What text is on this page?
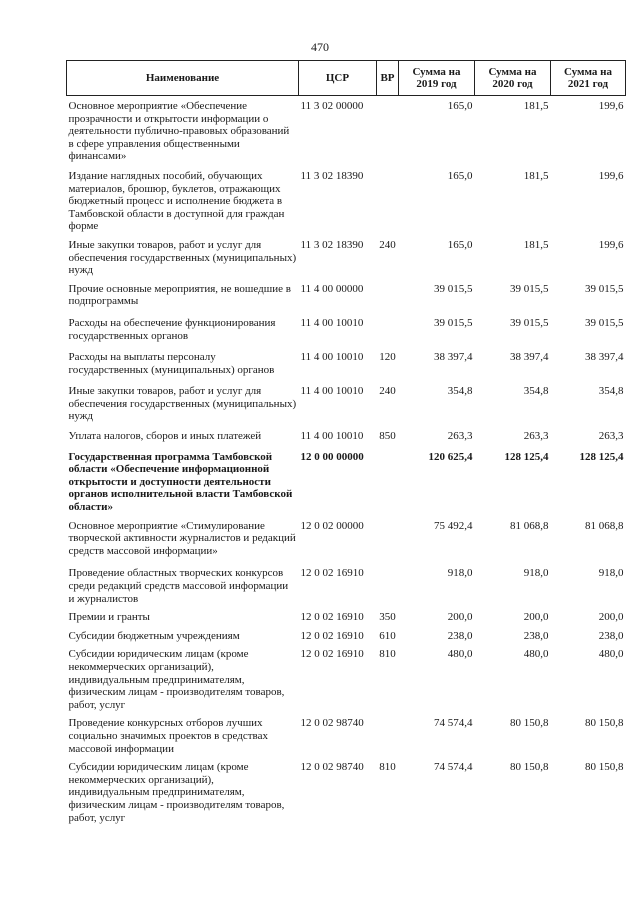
470
Наименование	ЦСР	ВР	Сумма на 2019 год	Сумма на 2020 год	Сумма на 2021 год
Основное мероприятие «Обеспечение прозрачности и открытости информации о деятельности публично-правовых образований в сфере управления общественными финансами»	11 3 02 00000		165,0	181,5	199,6
Издание наглядных пособий, обучающих материалов, брошюр, буклетов, отражающих бюджетный процесс и исполнение бюджета в Тамбовской области в доступной для граждан форме	11 3 02 18390		165,0	181,5	199,6
Иные закупки товаров, работ и услуг для обеспечения государственных (муниципальных) нужд	11 3 02 18390	240	165,0	181,5	199,6
Прочие основные мероприятия, не вошедшие в подпрограммы	11 4 00 00000		39 015,5	39 015,5	39 015,5
Расходы на обеспечение функционирования государственных органов	11 4 00 10010		39 015,5	39 015,5	39 015,5
Расходы на выплаты персоналу государственных (муниципальных) органов	11 4 00 10010	120	38 397,4	38 397,4	38 397,4
Иные закупки товаров, работ и услуг для обеспечения государственных (муниципальных) нужд	11 4 00 10010	240	354,8	354,8	354,8
Уплата налогов, сборов и иных платежей	11 4 00 10010	850	263,3	263,3	263,3
Государственная программа Тамбовской области «Обеспечение информационной открытости и доступности деятельности органов исполнительной власти Тамбовской области»	12 0 00 00000		120 625,4	128 125,4	128 125,4
Основное мероприятие «Стимулирование творческой активности журналистов и редакций средств массовой информации»	12 0 02 00000		75 492,4	81 068,8	81 068,8
Проведение областных творческих конкурсов среди редакций средств массовой информации и журналистов	12 0 02 16910		918,0	918,0	918,0
Премии и гранты	12 0 02 16910	350	200,0	200,0	200,0
Субсидии бюджетным учреждениям	12 0 02 16910	610	238,0	238,0	238,0
Субсидии юридическим лицам (кроме некоммерческих организаций), индивидуальным предпринимателям, физическим лицам - производителям товаров, работ, услуг	12 0 02 16910	810	480,0	480,0	480,0
Проведение конкурсных отборов лучших социально значимых проектов в средствах массовой информации	12 0 02 98740		74 574,4	80 150,8	80 150,8
Субсидии юридическим лицам (кроме некоммерческих организаций), индивидуальным предпринимателям, физическим лицам - производителям товаров, работ, услуг	12 0 02 98740	810	74 574,4	80 150,8	80 150,8
